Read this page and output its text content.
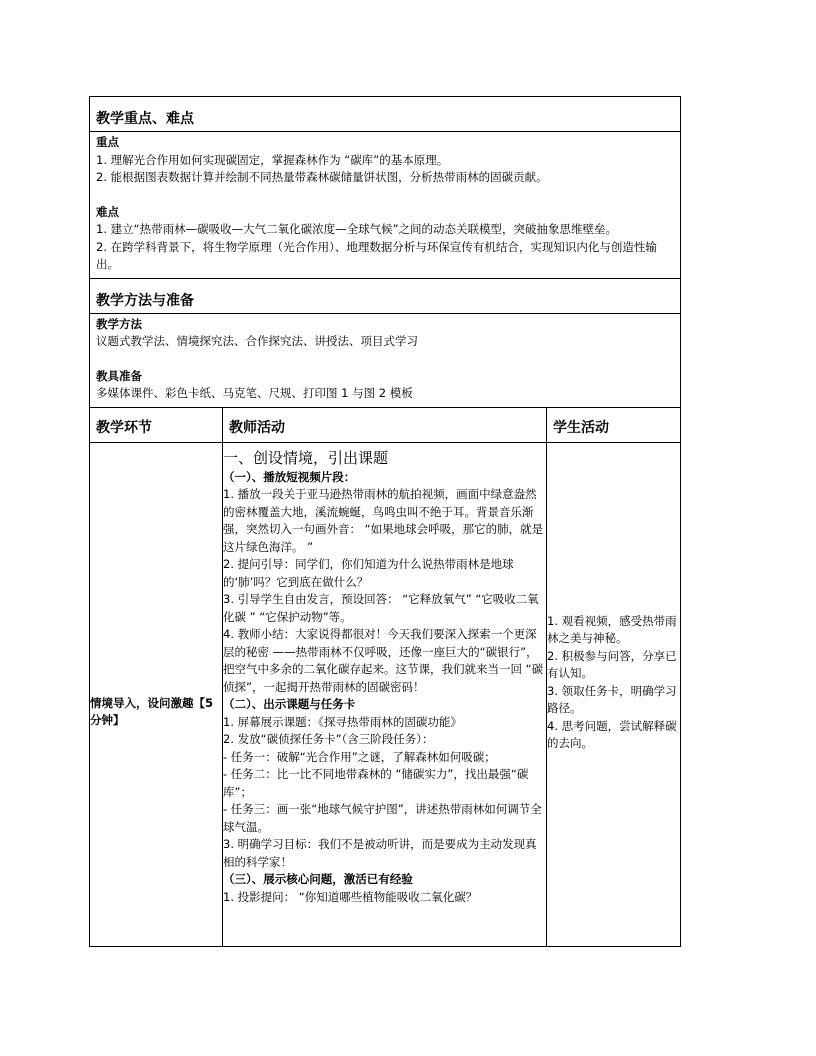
教学重点、难点

重点

1. 理解光合作用如何实现碳固定，掌握森林作为 “碳库”的基本原理。

2. 能根据图表数据计算并绘制不同热量带森林碳储量饼状图，分析热带雨林的固碳贡献。

难点

1. 建立“热带雨林—碳吸收—大气二氧化碳浓度—全球气候”之间的动态关联模型，突破抽象思维壁垒。

2. 在跨学科背景下，将生物学原理（光合作用）、地理数据分析与环保宣传有机结合，实现知识内化与创造性输出。

教学方法与准备

教学方法

议题式教学法、情境探究法、合作探究法、讲授法、项目式学习

教具准备

多媒体课件、彩色卡纸、马克笔、尺规、打印图 1 与图 2 模板

教学环节	教师活动	学生活动
情境导入，设问激趣【5 分钟】

一、创设情境，引出课题

（一）、播放短视频片段：

1. 播放一段关于亚马逊热带雨林的航拍视频，画面中绿意盎然的密林覆盖大地，溪流蜿蜒，鸟鸣虫叫不绝于耳。背景音乐渐强，突然切入一句画外音： “如果地球会呼吸，那它的肺，就是这片绿色海洋。 ”

2. 提问引导：同学们，你们知道为什么说热带雨林是地球的‘肺’吗？它到底在做什么？

3. 引导学生自由发言，预设回答： “它释放氧气” “它吸收二氧化碳 ” “它保护动物”等。

4. 教师小结：大家说得都很对！今天我们要深入探索一个更深层的秘密 ——热带雨林不仅呼吸，还像一座巨大的“碳银行”，把空气中多余的二氧化碳存起来。这节课，我们就来当一回 “碳侦探”，一起揭开热带雨林的固碳密码！

（二）、出示课题与任务卡

1. 屏幕展示课题：《探寻热带雨林的固碳功能》

2. 发放“碳侦探任务卡”（含三阶段任务）：

- 任务一：破解“光合作用”之谜，了解森林如何吸碳；

- 任务二：比一比不同地带森林的 “储碳实力”，找出最强“碳库”；

- 任务三：画一张“地球气候守护图”，讲述热带雨林如何调节全球气温。

3. 明确学习目标：我们不是被动听讲，而是要成为主动发现真相的科学家！

（三）、展示核心问题，激活已有经验

1. 投影提问： “你知道哪些植物能吸收二氧化碳？

1. 观看视频，感受热带雨林之美与神秘。

2. 积极参与问答，分享已有认知。

3. 领取任务卡，明确学习路径。

4. 思考问题，尝试解释碳的去向。
